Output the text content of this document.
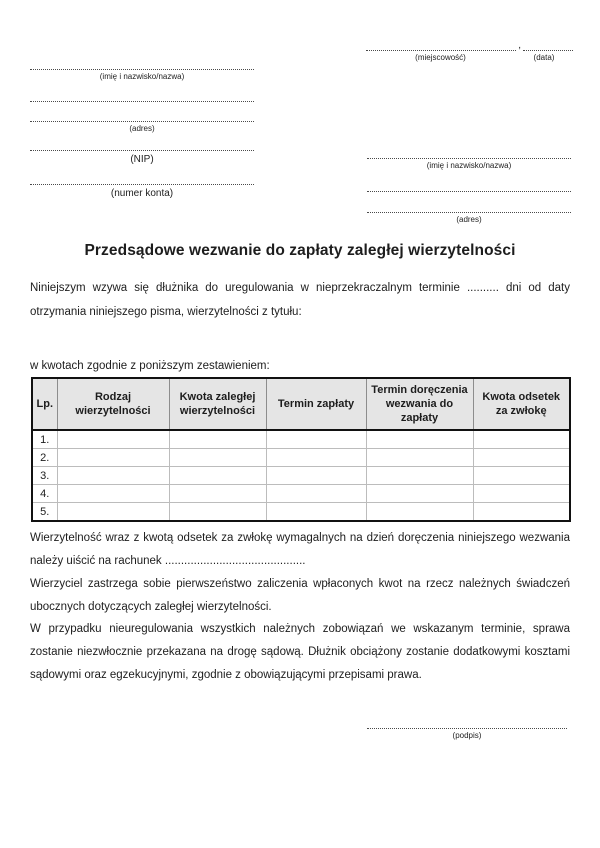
,
(miejscowość)	(data)
(imię i nazwisko/nazwa)
(adres)
(NIP)
(numer konta)
(imię i nazwisko/nazwa)
(adres)
Przedsądowe wezwanie do zapłaty zaległej wierzytelności
Niniejszym wzywa się dłużnika do uregulowania w nieprzekraczalnym terminie .......... dni od daty otrzymania niniejszego pisma, wierzytelności z tytułu:
w kwotach zgodnie z poniższym zestawieniem:
Lp.	Rodzaj wierzytelności	Kwota zaległej wierzytelności	Termin zapłaty	Termin doręczenia wezwania do zapłaty	Kwota odsetek za zwłokę
1.					
2.					
3.					
4.					
5.					

Wierzytelność wraz z kwotą odsetek za zwłokę wymagalnych na dzień doręczenia niniejszego wezwania należy uiścić na rachunek ............................................

Wierzyciel zastrzega sobie pierwszeństwo zaliczenia wpłaconych kwot na rzecz należnych świadczeń ubocznych dotyczących zaległej wierzytelności.

W przypadku nieuregulowania wszystkich należnych zobowiązań we wskazanym terminie, sprawa zostanie niezwłocznie przekazana na drogę sądową. Dłużnik obciążony zostanie dodatkowymi kosztami sądowymi oraz egzekucyjnymi, zgodnie z obowiązującymi przepisami prawa.
(podpis)
